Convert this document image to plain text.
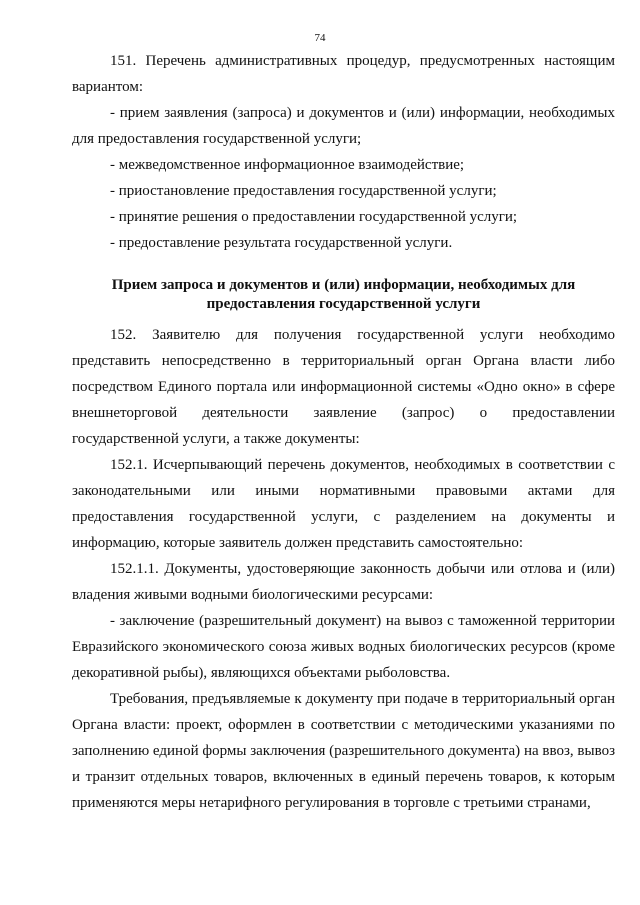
74

151. Перечень административных процедур, предусмотренных настоящим вариантом:

- прием заявления (запроса) и документов и (или) информации, необходимых для предоставления государственной услуги;

- межведомственное информационное взаимодействие;

- приостановление предоставления государственной услуги;

- принятие решения о предоставлении государственной услуги;

- предоставление результата государственной услуги.

Прием запроса и документов и (или) информации, необходимых для
предоставления государственной услуги

152. Заявителю для получения государственной услуги необходимо представить непосредственно в территориальный орган Органа власти либо посредством Единого портала или информационной системы «Одно окно» в сфере внешнеторговой деятельности заявление (запрос) о предоставлении государственной услуги, а также документы:

152.1. Исчерпывающий перечень документов, необходимых в соответствии с законодательными или иными нормативными правовыми актами для предоставления государственной услуги, с разделением на документы и информацию, которые заявитель должен представить самостоятельно:

152.1.1. Документы, удостоверяющие законность добычи или отлова и (или) владения живыми водными биологическими ресурсами:

- заключение (разрешительный документ) на вывоз с таможенной территории Евразийского экономического союза живых водных биологических ресурсов (кроме декоративной рыбы), являющихся объектами рыболовства.

Требования, предъявляемые к документу при подаче в территориальный орган Органа власти: проект, оформлен в соответствии с методическими указаниями по заполнению единой формы заключения (разрешительного документа) на ввоз, вывоз и транзит отдельных товаров, включенных в единый перечень товаров, к которым применяются меры нетарифного регулирования в торговле с третьими странами,
